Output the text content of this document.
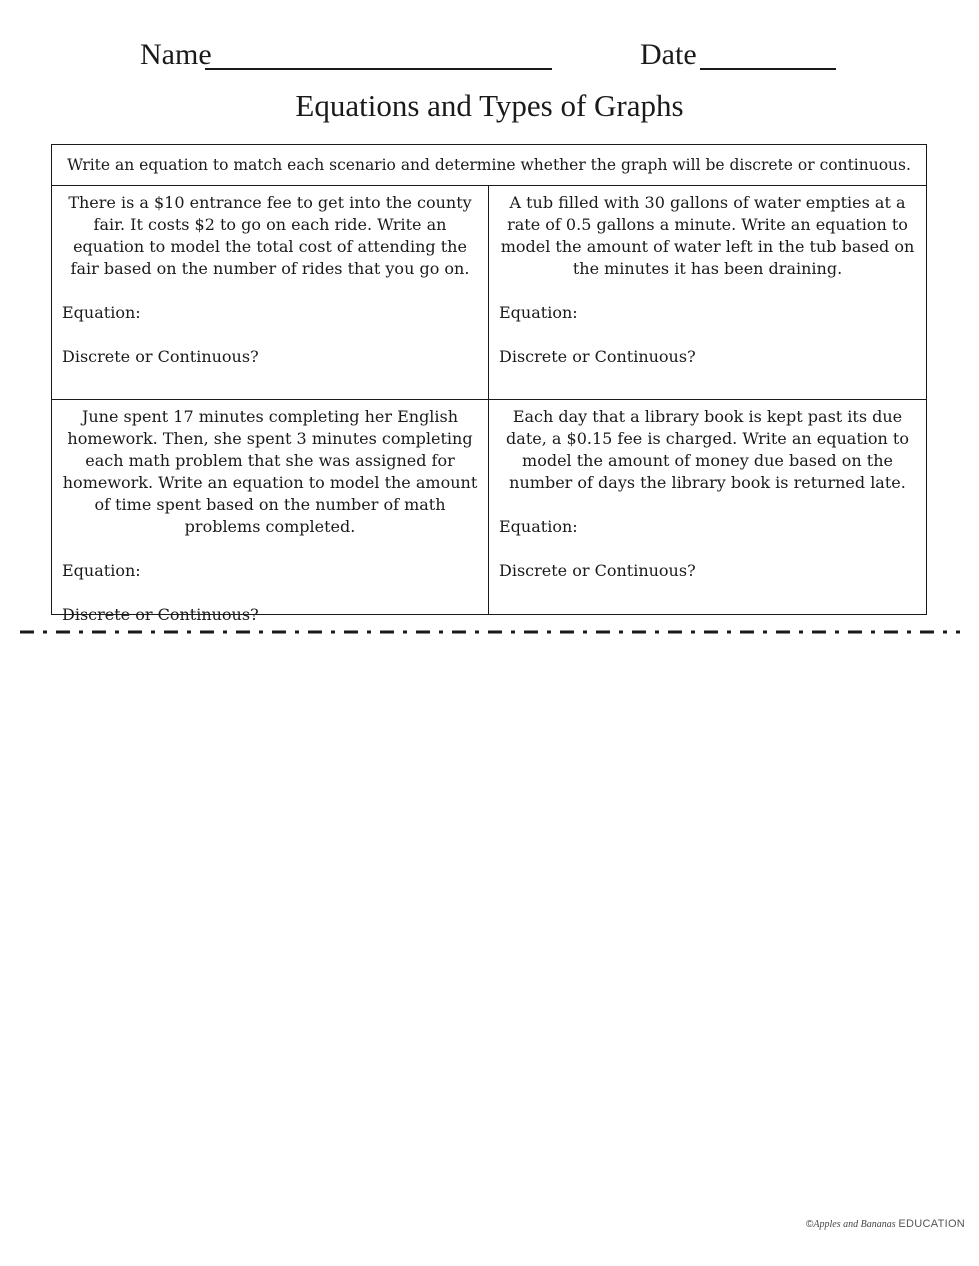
Name	Date
Equations and Types of Graphs
Write an equation to match each scenario and determine whether the graph will be discrete or continuous.

There is a $10 entrance fee to get into the county fair. It costs $2 to go on each ride. Write an equation to model the total cost of attending the fair based on the number of rides that you go on.

Equation:

Discrete or Continuous?

A tub filled with 30 gallons of water empties at a rate of 0.5 gallons a minute. Write an equation to model the amount of water left in the tub based on the minutes it has been draining.

Equation:

Discrete or Continuous?

June spent 17 minutes completing her English homework. Then, she spent 3 minutes completing each math problem that she was assigned for homework. Write an equation to model the amount of time spent based on the number of math problems completed.

Equation:

Discrete or Continuous?

Each day that a library book is kept past its due date, a $0.15 fee is charged. Write an equation to model the amount of money due based on the number of days the library book is returned late.

Equation:

Discrete or Continuous?

©Apples and Bananas EDUCATION
